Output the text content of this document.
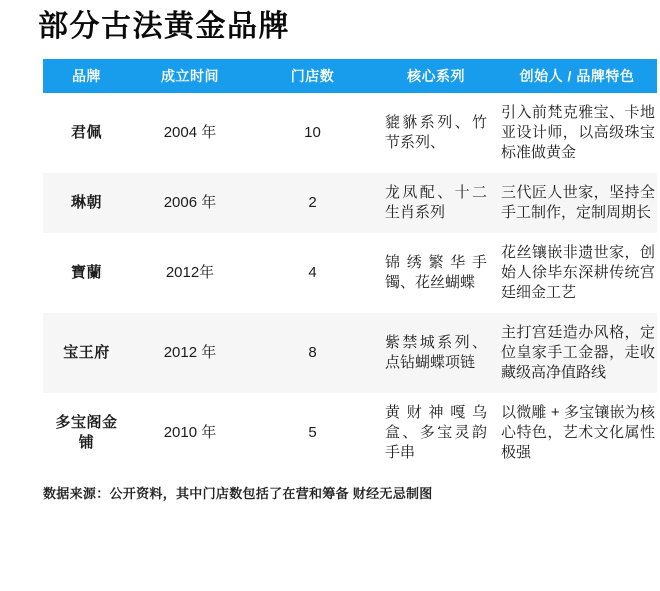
部分古法黄金品牌
品牌	成立时间	门店数	核心系列	创始人 / 品牌特色
君佩	2004 年	10	貔貅系列、竹节系列、	引入前梵克雅宝、卡地亚设计师，以高级珠宝标准做黄金
琳朝	2006 年	2	龙凤配、十二生肖系列	三代匠人世家，坚持全手工制作，定制周期长
寶蘭	2012年	4	锦绣繁华手镯、花丝蝴蝶	花丝镶嵌非遗世家，创始人徐毕东深耕传统宫廷细金工艺
宝王府	2012 年	8	紫禁城系列、点钻蝴蝶项链	主打宫廷造办风格，定位皇家手工金器，走收藏级高净值路线
多宝阁金铺	2010 年	5	黄财神嘎乌盒、多宝灵韵手串	以微雕 + 多宝镶嵌为核心特色，艺术文化属性极强

数据来源：公开资料，其中门店数包括了在营和筹备 财经无忌制图
